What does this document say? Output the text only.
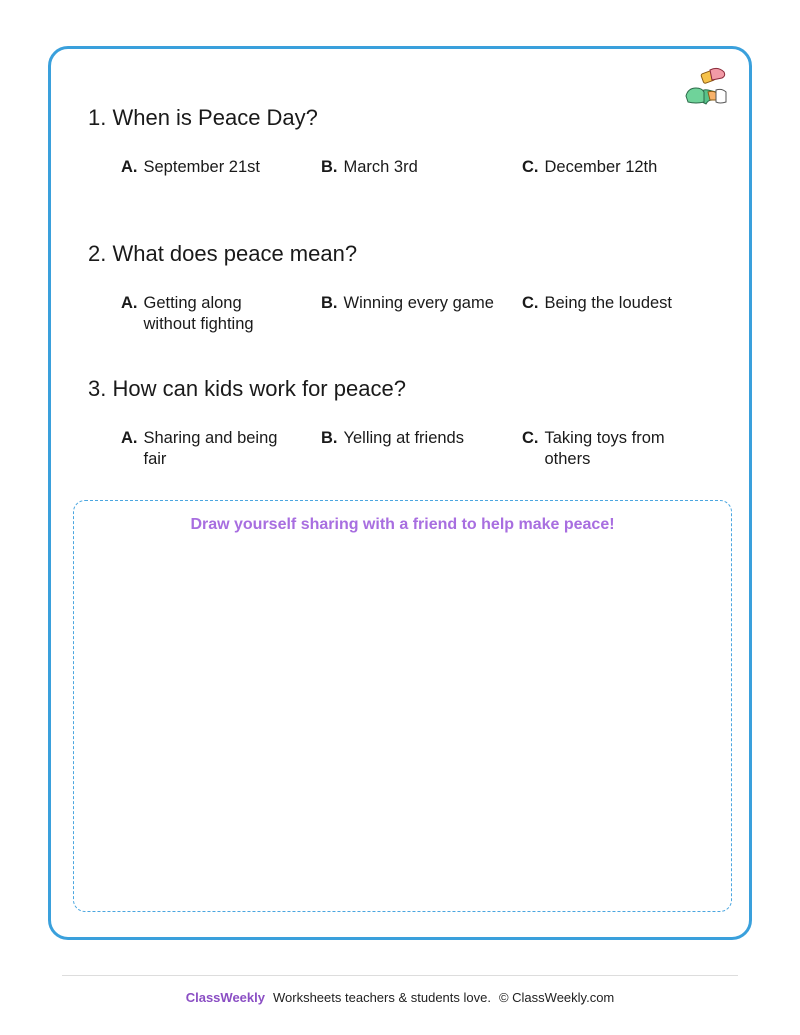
1. When is Peace Day?
A. September 21st	B. March 3rd	C. December 12th
2. What does peace mean?
A. Getting along without fighting
B. Winning every game C. Being the loudest
3. How can kids work for peace?
A. Sharing and being fair
B. Yelling at friends	C. Taking toys from others
Draw yourself sharing with a friend to help make peace!
ClassWeekly Worksheets teachers & students love. © ClassWeekly.com
